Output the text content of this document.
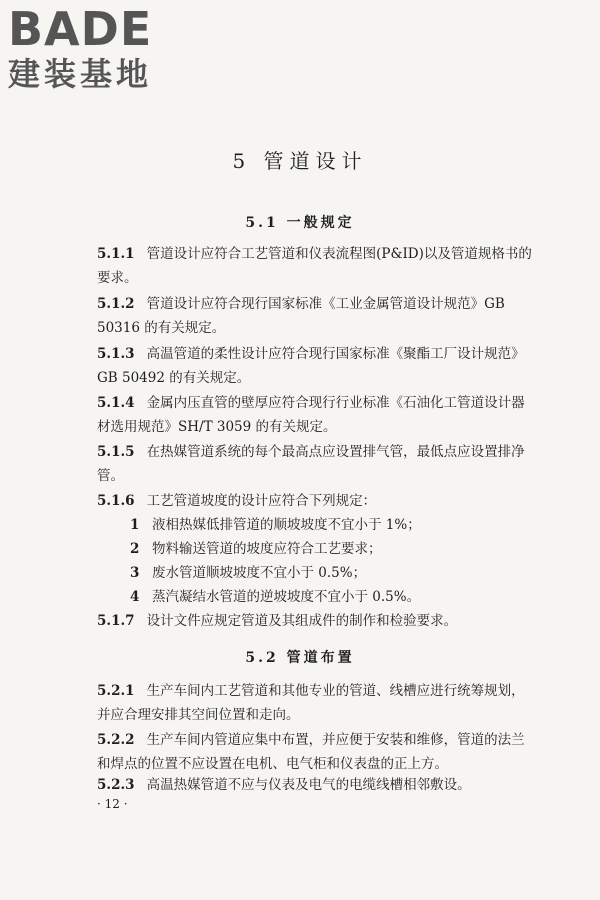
BADE
建装基地
5 管道设计
5.1 一般规定

5.1.1 管道设计应符合工艺管道和仪表流程图(P&ID)以及管道规格书的要求。

5.1.2 管道设计应符合现行国家标准《工业金属管道设计规范》GB 50316 的有关规定。

5.1.3 高温管道的柔性设计应符合现行国家标准《聚酯工厂设计规范》GB 50492 的有关规定。

5.1.4 金属内压直管的壁厚应符合现行行业标准《石油化工管道设计器材选用规范》SH/T 3059 的有关规定。

5.1.5 在热媒管道系统的每个最高点应设置排气管，最低点应设置排净管。

5.1.6 工艺管道坡度的设计应符合下列规定：

1 液相热媒低排管道的顺坡坡度不宜小于 1%；

2 物料输送管道的坡度应符合工艺要求；

3 废水管道顺坡坡度不宜小于 0.5%；

4 蒸汽凝结水管道的逆坡坡度不宜小于 0.5%。

5.1.7 设计文件应规定管道及其组成件的制作和检验要求。

5.2 管道布置

5.2.1 生产车间内工艺管道和其他专业的管道、线槽应进行统筹规划，并应合理安排其空间位置和走向。

5.2.2 生产车间内管道应集中布置，并应便于安装和维修，管道的法兰和焊点的位置不应设置在电机、电气柜和仪表盘的正上方。

5.2.3 高温热媒管道不应与仪表及电气的电缆线槽相邻敷设。

· 12 ·
